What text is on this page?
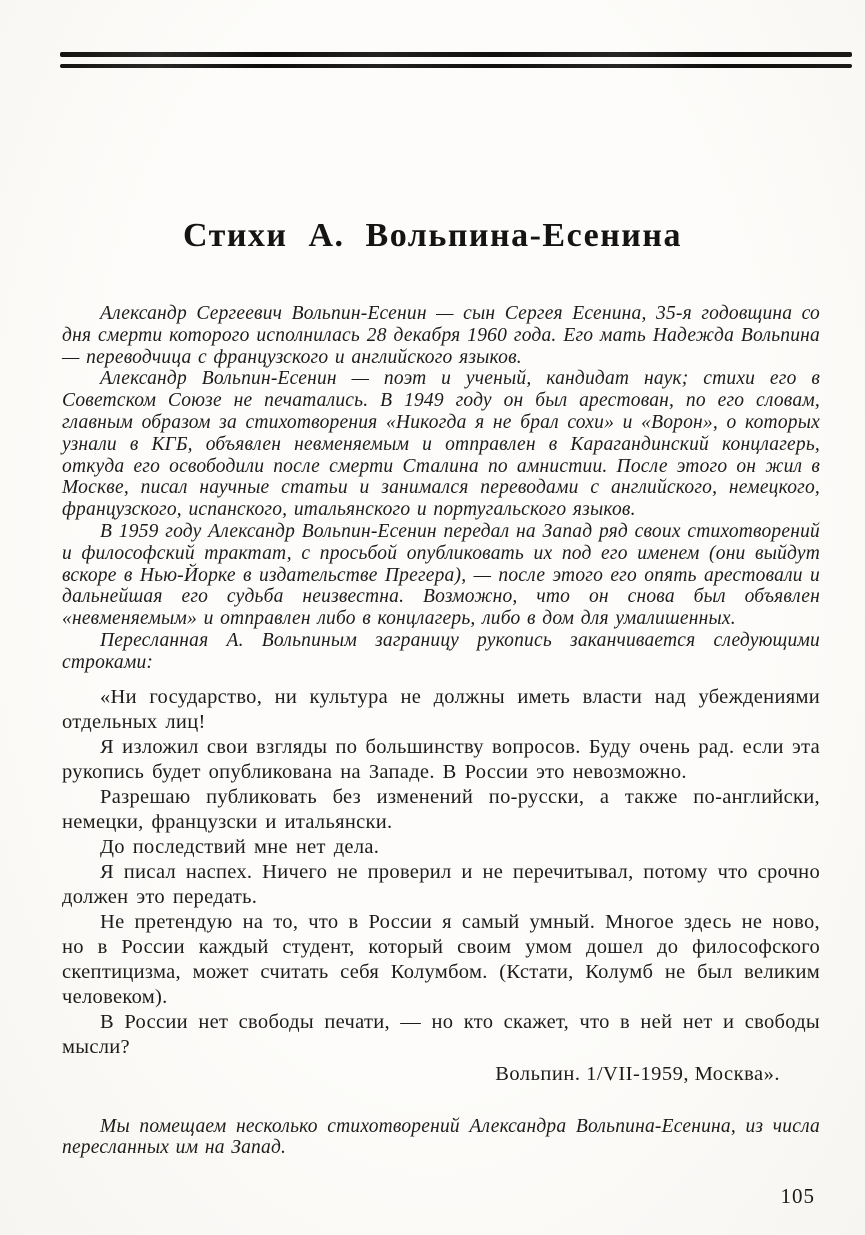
Стихи А. Вольпина-Есенина

Александр Сергеевич Вольпин-Есенин — сын Сергея Есенина, 35-я годовщина со дня смерти которого исполнилась 28 декабря 1960 года. Его мать Надежда Вольпина — переводчица с французского и английского языков.

Александр Вольпин-Есенин — поэт и ученый, кандидат наук; стихи его в Советском Союзе не печатались. В 1949 году он был арестован, по его словам, главным образом за стихотворения «Никогда я не брал сохи» и «Ворон», о которых узнали в КГБ, объявлен невменяемым и отправлен в Карагандинский концлагерь, откуда его освободили после смерти Сталина по амнистии. После этого он жил в Москве, писал научные статьи и занимался переводами с английского, немецкого, французского, испанского, итальянского и португальского языков.

В 1959 году Александр Вольпин-Есенин передал на Запад ряд своих стихотворений и философский трактат, с просьбой опубликовать их под его именем (они выйдут вскоре в Нью-Йорке в издательстве Прегера), — после этого его опять арестовали и дальнейшая его судьба неизвестна. Возможно, что он снова был объявлен «невменяемым» и отправлен либо в концлагерь, либо в дом для умалишенных.

Пересланная А. Вольпиным заграницу рукопись заканчивается следующими строками:

«Ни государство, ни культура не должны иметь власти над убеждениями отдельных лиц!

Я изложил свои взгляды по большинству вопросов. Буду очень рад. если эта рукопись будет опубликована на Западе. В России это невозможно.

Разрешаю публиковать без изменений по-русски, а также по-английски, немецки, французски и итальянски.

До последствий мне нет дела.

Я писал наспех. Ничего не проверил и не перечитывал, потому что срочно должен это передать.

Не претендую на то, что в России я самый умный. Многое здесь не ново, но в России каждый студент, который своим умом дошел до философского скептицизма, может считать себя Колумбом. (Кстати, Колумб не был великим человеком).

В России нет свободы печати, — но кто скажет, что в ней нет и свободы мысли?

Вольпин. 1/VII-1959, Москва».

Мы помещаем несколько стихотворений Александра Вольпина-Есенина, из числа пересланных им на Запад.

105
